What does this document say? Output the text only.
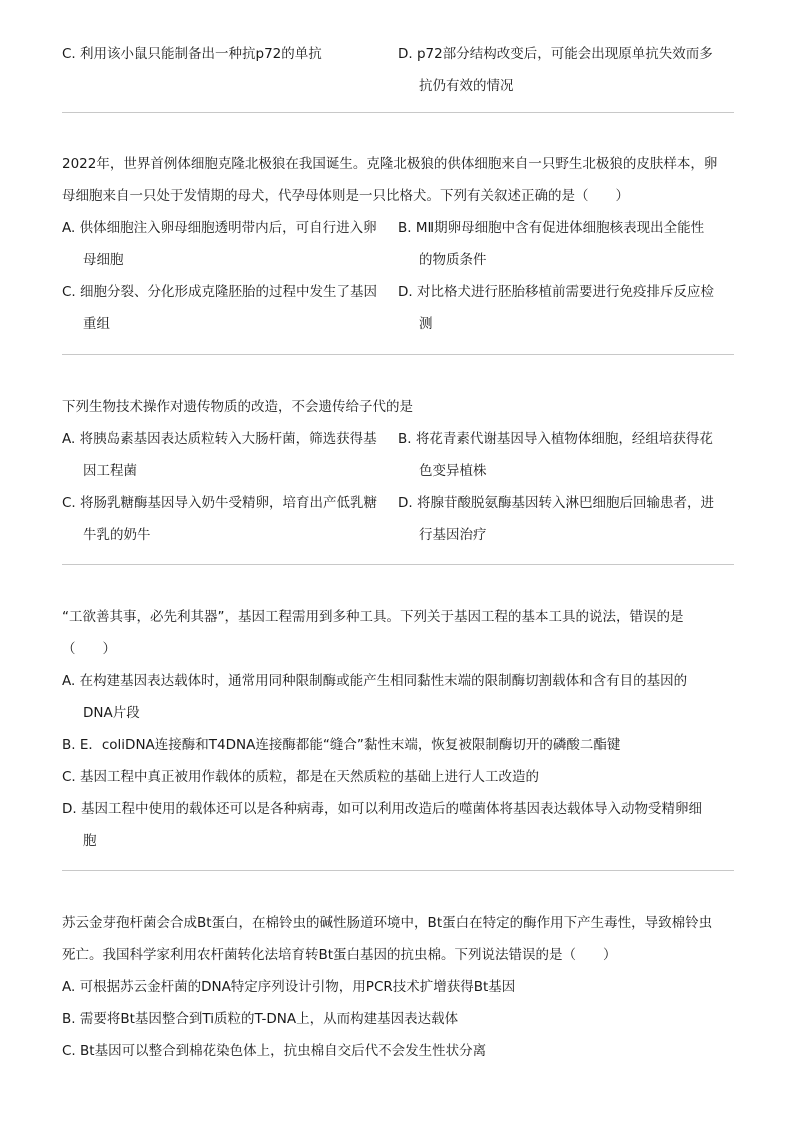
C. 利用该小鼠只能制备出一种抗p72的单抗	D. p72部分结构改变后，可能会出现原单抗失效而多
抗仍有效的情况
2022年，世界首例体细胞克隆北极狼在我国诞生。克隆北极狼的供体细胞来自一只野生北极狼的皮肤样本，卵
母细胞来自一只处于发情期的母犬，代孕母体则是一只比格犬。下列有关叙述正确的是（　　）
A. 供体细胞注入卵母细胞透明带内后，可自行进入卵
母细胞
B. MⅡ期卵母细胞中含有促进体细胞核表现出全能性
的物质条件
C. 细胞分裂、分化形成克隆胚胎的过程中发生了基因
重组
D. 对比格犬进行胚胎移植前需要进行免疫排斥反应检
测
下列生物技术操作对遗传物质的改造，不会遗传给子代的是
A. 将胰岛素基因表达质粒转入大肠杆菌，筛选获得基
因工程菌
B. 将花青素代谢基因导入植物体细胞，经组培获得花
色变异植株
C. 将肠乳糖酶基因导入奶牛受精卵，培育出产低乳糖
牛乳的奶牛
D. 将腺苷酸脱氨酶基因转入淋巴细胞后回输患者，进
行基因治疗
“工欲善其事，必先利其器”，基因工程需用到多种工具。下列关于基因工程的基本工具的说法，错误的是
（　　）
A. 在构建基因表达载体时，通常用同种限制酶或能产生相同黏性末端的限制酶切割载体和含有目的基因的
DNA片段
B. E．coliDNA连接酶和T4DNA连接酶都能“缝合”黏性末端，恢复被限制酶切开的磷酸二酯键
C. 基因工程中真正被用作载体的质粒，都是在天然质粒的基础上进行人工改造的
D. 基因工程中使用的载体还可以是各种病毒，如可以利用改造后的噬菌体将基因表达载体导入动物受精卵细
胞
苏云金芽孢杆菌会合成Bt蛋白，在棉铃虫的碱性肠道环境中，Bt蛋白在特定的酶作用下产生毒性，导致棉铃虫
死亡。我国科学家利用农杆菌转化法培育转Bt蛋白基因的抗虫棉。下列说法错误的是（　　）
A. 可根据苏云金杆菌的DNA特定序列设计引物，用PCR技术扩增获得Bt基因
B. 需要将Bt基因整合到Ti质粒的T-DNA上，从而构建基因表达载体
C. Bt基因可以整合到棉花染色体上，抗虫棉自交后代不会发生性状分离
